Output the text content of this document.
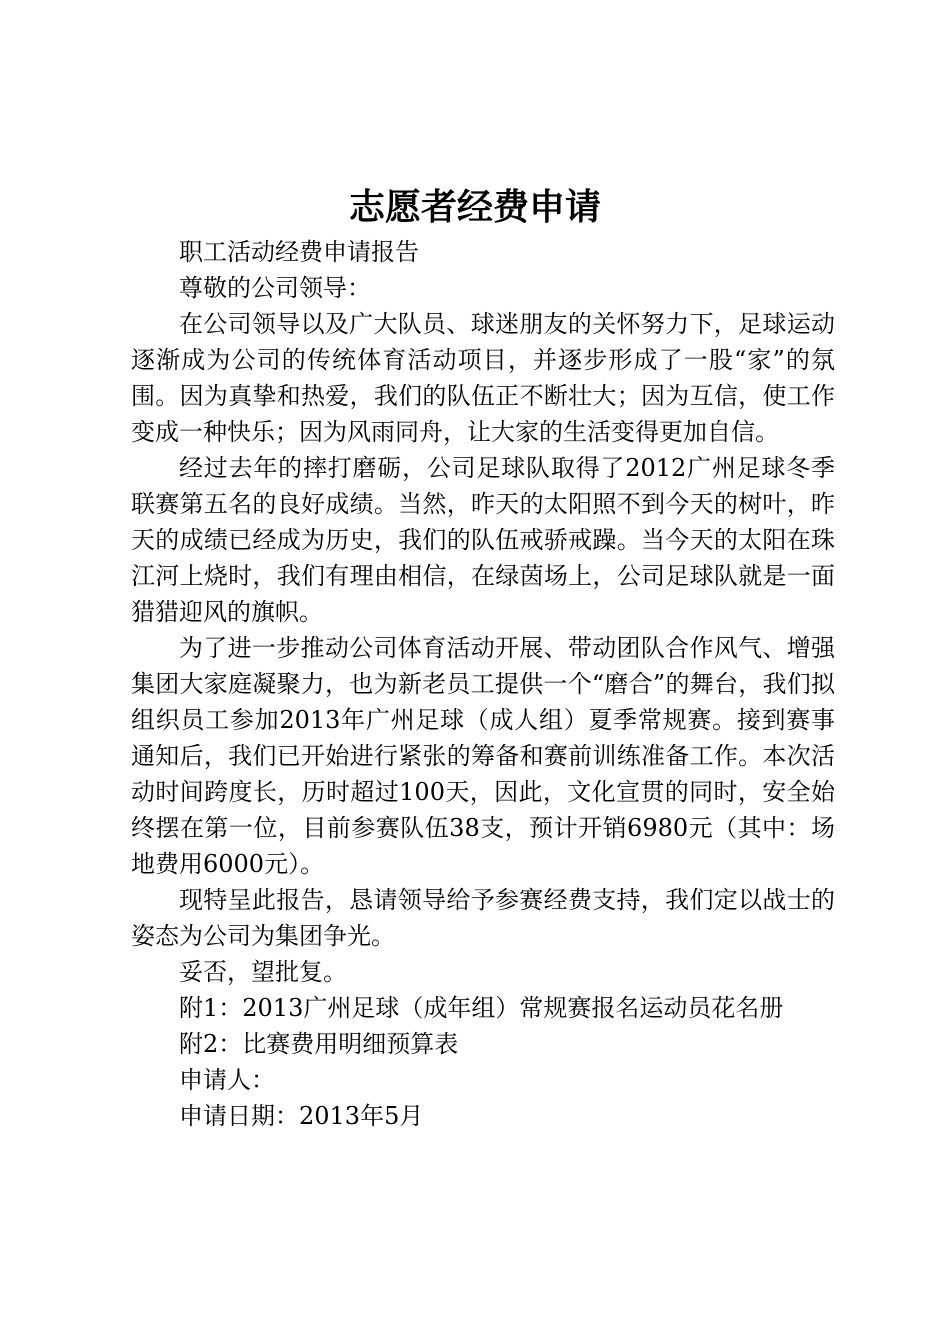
志愿者经费申请

职工活动经费申请报告

尊敬的公司领导：

在公司领导以及广大队员、球迷朋友的关怀努力下，足球运动逐渐成为公司的传统体育活动项目，并逐步形成了一股“家”的氛围。因为真挚和热爱，我们的队伍正不断壮大；因为互信，使工作变成一种快乐；因为风雨同舟，让大家的生活变得更加自信。

经过去年的摔打磨砺，公司足球队取得了2012广州足球冬季联赛第五名的良好成绩。当然，昨天的太阳照不到今天的树叶，昨天的成绩已经成为历史，我们的队伍戒骄戒躁。当今天的太阳在珠江河上烧时，我们有理由相信，在绿茵场上，公司足球队就是一面猎猎迎风的旗帜。

为了进一步推动公司体育活动开展、带动团队合作风气、增强集团大家庭凝聚力，也为新老员工提供一个“磨合”的舞台，我们拟组织员工参加2013年广州足球（成人组）夏季常规赛。接到赛事通知后，我们已开始进行紧张的筹备和赛前训练准备工作。本次活动时间跨度长，历时超过100天，因此，文化宣贯的同时，安全始终摆在第一位，目前参赛队伍38支，预计开销6980元（其中：场地费用6000元）。

现特呈此报告，恳请领导给予参赛经费支持，我们定以战士的姿态为公司为集团争光。

妥否，望批复。

附1：2013广州足球（成年组）常规赛报名运动员花名册

附2：比赛费用明细预算表

申请人：

申请日期：2013年5月
